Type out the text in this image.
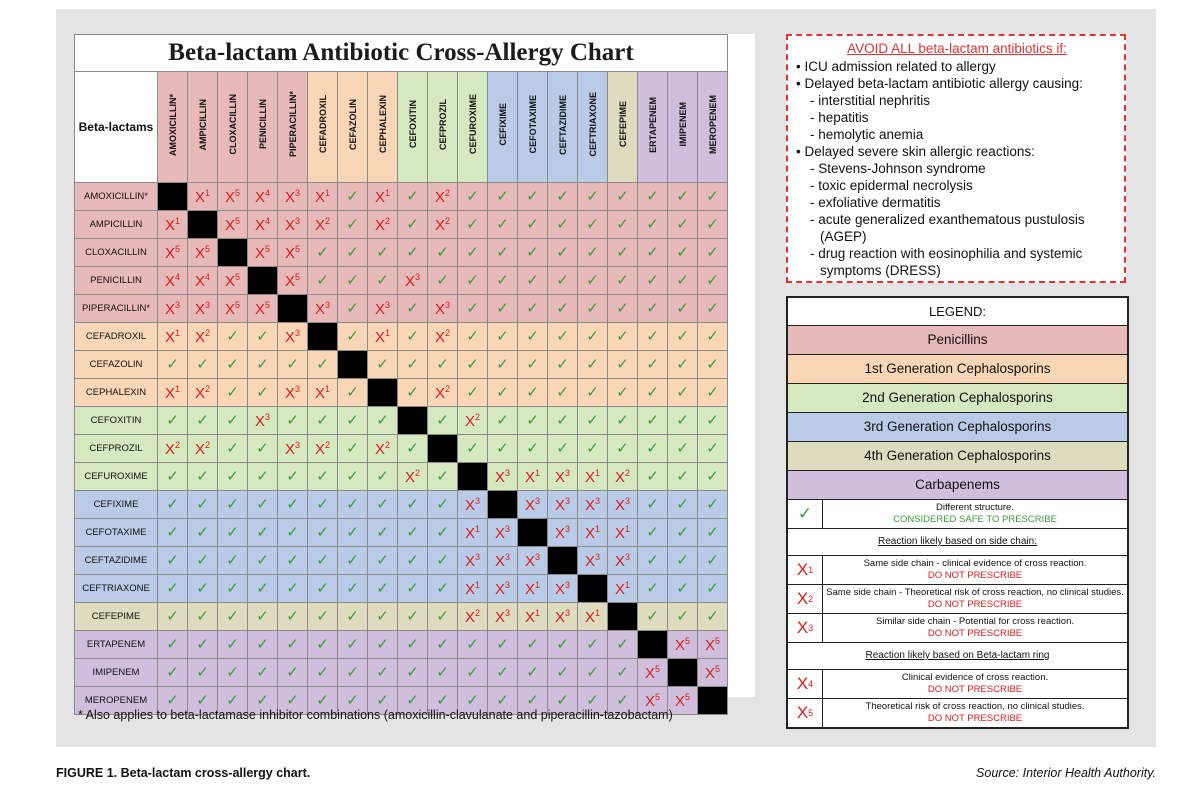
Beta-lactam Antibiotic Cross-Allergy Chart																			
Beta-lactams	AMOXICILLIN*	AMPICILLIN	CLOXACILLIN	PENICILLIN	PIPERACILLIN*	CEFADROXIL	CEFAZOLIN	CEPHALEXIN	CEFOXITIN	CEFPROZIL	CEFUROXIME	CEFIXIME	CEFOTAXIME	CEFTAZIDIME	CEFTRIAXONE	CEFEPIME	ERTAPENEM	IMIPENEM	MEROPENEM
AMOXICILLIN*		$X^1$	$X^5$	$X^4$	$X^3$	$X^1$	✓	$X^1$	✓	$X^2$	✓	✓	✓	✓	✓	✓	✓	✓	✓
AMPICILLIN	$X^1$		$X^5$	$X^4$	$X^3$	$X^2$	✓	$X^2$	✓	$X^2$	✓	✓	✓	✓	✓	✓	✓	✓	✓
CLOXACILLIN	$X^5$	$X^5$		$X^5$	$X^5$	✓	✓	✓	✓	✓	✓	✓	✓	✓	✓	✓	✓	✓	✓
PENICILLIN	$X^4$	$X^4$	$X^5$		$X^5$	✓	✓	✓	$X^3$	✓	✓	✓	✓	✓	✓	✓	✓	✓	✓
PIPERACILLIN*	$X^3$	$X^3$	$X^5$	$X^5$		$X^3$	✓	$X^3$	✓	$X^3$	✓	✓	✓	✓	✓	✓	✓	✓	✓
CEFADROXIL	$X^1$	$X^2$	✓	✓	$X^3$		✓	$X^1$	✓	$X^2$	✓	✓	✓	✓	✓	✓	✓	✓	✓
CEFAZOLIN	✓	✓	✓	✓	✓	✓		✓	✓	✓	✓	✓	✓	✓	✓	✓	✓	✓	✓
CEPHALEXIN	$X^1$	$X^2$	✓	✓	$X^3$	$X^1$	✓		✓	$X^2$	✓	✓	✓	✓	✓	✓	✓	✓	✓
CEFOXITIN	✓	✓	✓	$X^3$	✓	✓	✓	✓		✓	$X^2$	✓	✓	✓	✓	✓	✓	✓	✓
CEFPROZIL	$X^2$	$X^2$	✓	✓	$X^3$	$X^2$	✓	$X^2$	✓		✓	✓	✓	✓	✓	✓	✓	✓	✓
CEFUROXIME	✓	✓	✓	✓	✓	✓	✓	✓	$X^2$	✓		$X^3$	$X^1$	$X^3$	$X^1$	$X^2$	✓	✓	✓
CEFIXIME	✓	✓	✓	✓	✓	✓	✓	✓	✓	✓	$X^3$		$X^3$	$X^3$	$X^3$	$X^3$	✓	✓	✓
CEFOTAXIME	✓	✓	✓	✓	✓	✓	✓	✓	✓	✓	$X^1$	$X^3$		$X^3$	$X^1$	$X^1$	✓	✓	✓
CEFTAZIDIME	✓	✓	✓	✓	✓	✓	✓	✓	✓	✓	$X^3$	$X^3$	$X^3$		$X^3$	$X^3$	✓	✓	✓
CEFTRIAXONE	✓	✓	✓	✓	✓	✓	✓	✓	✓	✓	$X^1$	$X^3$	$X^1$	$X^3$		$X^1$	✓	✓	✓
CEFEPIME	✓	✓	✓	✓	✓	✓	✓	✓	✓	✓	$X^2$	$X^3$	$X^1$	$X^3$	$X^1$		✓	✓	✓
ERTAPENEM	✓	✓	✓	✓	✓	✓	✓	✓	✓	✓	✓	✓	✓	✓	✓	✓		$X^5$	$X^5$
IMIPENEM	✓	✓	✓	✓	✓	✓	✓	✓	✓	✓	✓	✓	✓	✓	✓	✓	$X^5$		$X^5$
MEROPENEM	✓	✓	✓	✓	✓	✓	✓	✓	✓	✓	✓	✓	✓	✓	✓	✓	$X^5$	$X^5$	
* Also applies to beta-lactamase inhibitor combinations (amoxicillin-clavulanate and piperacillin-tazobactam)
AVOID ALL beta-lactam antibiotics if:
• ICU admission related to allergy
• Delayed beta-lactam antibiotic allergy causing:
- interstitial nephritis
- hepatitis
- hemolytic anemia
• Delayed severe skin allergic reactions:
- Stevens-Johnson syndrome
- toxic epidermal necrolysis
- exfoliative dermatitis
- acute generalized exanthematous pustulosis
(AGEP)
- drug reaction with eosinophilia and systemic
symptoms (DRESS)
LEGEND:
Penicillins
1st Generation Cephalosporins
2nd Generation Cephalosporins
3rd Generation Cephalosporins
4th Generation Cephalosporins
Carbapenems
✓	Different structure.
CONSIDERED SAFE TO PRESCRIBE
Reaction likely based on side chain:
X 1
Same side chain - clinical evidence of cross reaction.
DO NOT PRESCRIBE
X 2
Same side chain - Theoretical risk of cross reaction, no clinical studies.
DO NOT PRESCRIBE
X 3
Similar side chain - Potential for cross reaction.
DO NOT PRESCRIBE
Reaction likely based on Beta-lactam ring
X 4
Clinical evidence of cross reaction.
DO NOT PRESCRIBE
X 5
Theoretical risk of cross reaction, no clinical studies.
DO NOT PRESCRIBE
FIGURE 1. Beta-lactam cross-allergy chart.	Source: Interior Health Authority.
